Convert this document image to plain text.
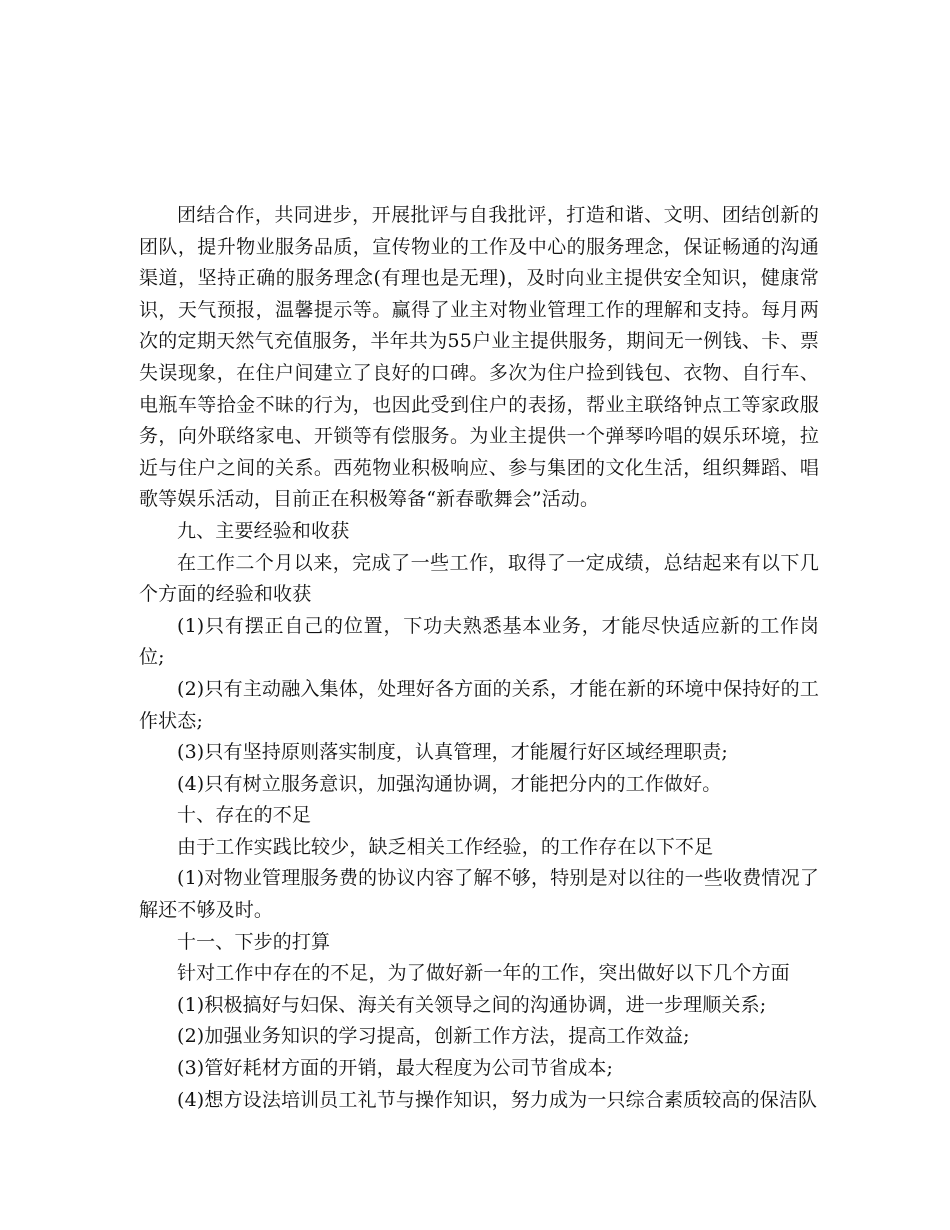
团结合作，共同进步，开展批评与自我批评，打造和谐、文明、团结创新的团队，提升物业服务品质，宣传物业的工作及中心的服务理念，保证畅通的沟通渠道，坚持正确的服务理念(有理也是无理)，及时向业主提供安全知识，健康常识，天气预报，温馨提示等。赢得了业主对物业管理工作的理解和支持。每月两次的定期天然气充值服务，半年共为55户业主提供服务，期间无一例钱、卡、票失误现象，在住户间建立了良好的口碑。多次为住户捡到钱包、衣物、自行车、电瓶车等拾金不昧的行为，也因此受到住户的表扬，帮业主联络钟点工等家政服务，向外联络家电、开锁等有偿服务。为业主提供一个弹琴吟唱的娱乐环境，拉近与住户之间的关系。西苑物业积极响应、参与集团的文化生活，组织舞蹈、唱歌等娱乐活动，目前正在积极筹备“新春歌舞会”活动。

九、主要经验和收获

在工作二个月以来，完成了一些工作，取得了一定成绩，总结起来有以下几个方面的经验和收获

(1)只有摆正自己的位置，下功夫熟悉基本业务，才能尽快适应新的工作岗位;

(2)只有主动融入集体，处理好各方面的关系，才能在新的环境中保持好的工作状态;

(3)只有坚持原则落实制度，认真管理，才能履行好区域经理职责;

(4)只有树立服务意识，加强沟通协调，才能把分内的工作做好。

十、存在的不足

由于工作实践比较少，缺乏相关工作经验，的工作存在以下不足

(1)对物业管理服务费的协议内容了解不够，特别是对以往的一些收费情况了解还不够及时。

十一、下步的打算

针对工作中存在的不足，为了做好新一年的工作，突出做好以下几个方面

(1)积极搞好与妇保、海关有关领导之间的沟通协调，进一步理顺关系;

(2)加强业务知识的学习提高，创新工作方法，提高工作效益;

(3)管好耗材方面的开销，最大程度为公司节省成本;

(4)想方设法培训员工礼节与操作知识，努力成为一只综合素质较高的保洁队
